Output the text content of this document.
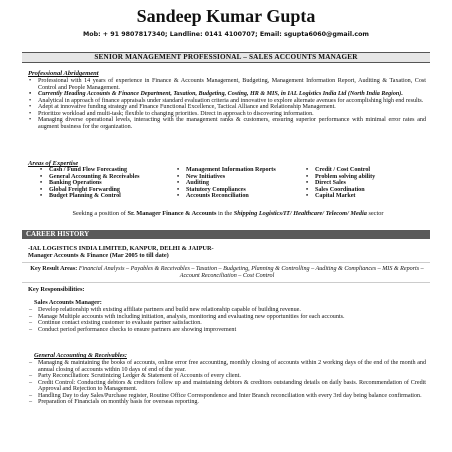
Sandeep Kumar Gupta
Mob: + 91 9807817340; Landline: 0141 4100707; Email: sgupta6060@gmail.com
SENIOR MANAGEMENT PROFESSIONAL – SALES ACCOUNTS MANAGER
Professional Abridgement
• Professional with 14 years of experience in Finance & Accounts Management, Budgeting, Management Information Report, Auditing & Taxation, Cost Control and People Management.
• Currently Heading Accounts & Finance Department, Taxation, Budgeting, Costing, HR & MIS, in IAL Logistics India Ltd (North India Region).
• Analytical in approach of finance appraisals under standard evaluation criteria and innovative to explore alternate avenues for accomplishing high end results.
• Adept at innovative funding strategy and Finance Functional Excellence, Tactical Alliance and Relationship Management.
• Prioritize workload and multi-task; flexible to changing priorities. Direct in approach to discovering information.
• Managing diverse operational levels, interacting with the management ranks & customers, ensuring superior performance with minimal error rates and augment business for the organization.
Areas of Expertise
• Cash / Fund Flow Forecasting
• General Accounting & Receivables
• Banking Operations
• Global Freight Forwarding
• Budget Planning & Control
• Management Information Reports
• New Initiatives
• Auditing
• Statutory Compliances
• Accounts Reconciliation
• Credit / Cost Control
• Problem solving ability
• Direct Sales
• Sales Coordination
• Capital Market
Seeking a position of Sr. Manager Finance & Accounts in the Shipping Logistics/IT/ Healthcare/ Telecom/ Media sector
CAREER HISTORY
-IAL LOGISTICS INDIA LIMITED, KANPUR, DELHI & JAIPUR-
Manager Accounts & Finance (Mar 2005 to till date)
Key Result Areas: Financial Analysis – Payables & Receivables – Taxation – Budgeting, Planning & Controlling – Auditing & Compliances – MIS & Reports – Account Reconciliation – Cost Control
Key Responsibilities:
Sales Accounts Manager:
– Develop relationship with existing affiliate partners and build new relationship capable of building revenue.
– Manage Multiple accounts with including initiation, analysis, monitoring and evaluating new opportunities for each accounts.
– Continue contact existing customer to evaluate partner satisfaction.
– Conduct period performance checks to ensure partners are showing improvement
General Accounting & Receivables:
– Managing & maintaining the books of accounts, online error free accounting, monthly closing of accounts within 2 working days of the end of the month and annual closing of accounts within 10 days of end of the year.
– Party Reconciliation: Scrutinizing Ledger & Statement of Accounts of every client.
– Credit Control: Conducting debtors & creditors follow up and maintaining debtors & creditors outstanding details on daily basis. Recommendation of Credit Approval and Rejection to Management.
– Handling Day to day Sales/Purchase register, Routine Office Correspondence and Inter Branch reconciliation with every 3rd day being balance confirmation.
– Preparation of Financials on monthly basis for overseas reporting.
